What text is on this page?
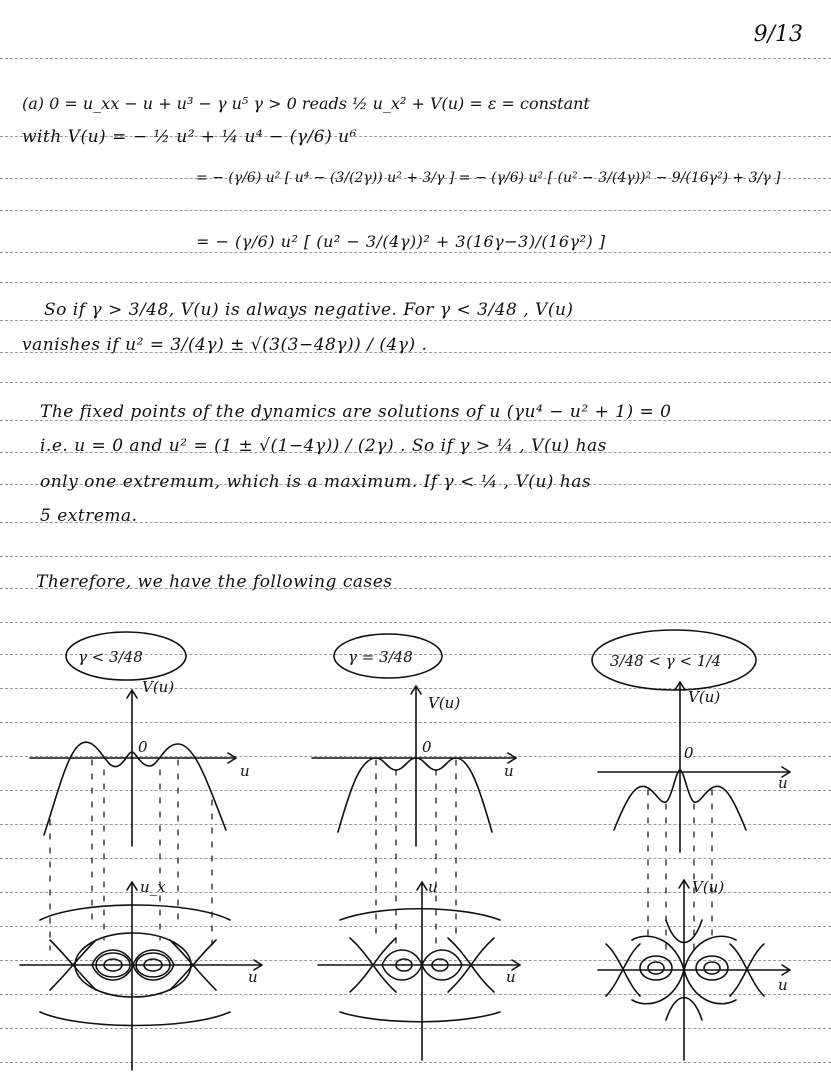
9/13
(a) 0 = u_xx − u + u³ − γ u⁵ γ > 0 reads ½ u_x² + V(u) = ε = constant
with V(u) = − ½ u² + ¼ u⁴ − (γ/6) u⁶
= − (γ/6) u² [ u⁴ − (3/(2γ)) u² + 3/γ ] = − (γ/6) u² [ (u² − 3/(4γ))² − 9/(16γ²) + 3/γ ]
= − (γ/6) u² [ (u² − 3/(4γ))² + 3(16γ−3)/(16γ²) ]
So if γ > 3/48, V(u) is always negative. For γ < 3/48 , V(u)
vanishes if u² = 3/(4γ) ± √(3(3−48γ)) / (4γ) .
The fixed points of the dynamics are solutions of u (γu⁴ − u² + 1) = 0
i.e. u = 0 and u² = (1 ± √(1−4γ)) / (2γ) . So if γ > ¼ , V(u) has
only one extremum, which is a maximum. If γ < ¼ , V(u) has
5 extrema.
Therefore, we have the following cases
γ < 3/48
V(u)
0
u
u_x
u
γ = 3/48
V(u)
0
u
u
u
3/48 < γ < 1/4
V(u)
0
u
V(u)
u
